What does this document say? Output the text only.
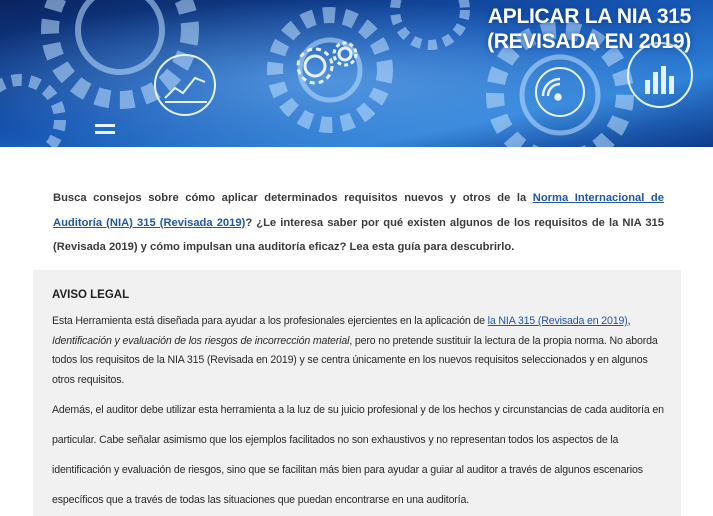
APLICAR LA NIA 315
(REVISADA EN 2019)
Busca consejos sobre cómo aplicar determinados requisitos nuevos y otros de la Norma Internacional de Auditoría (NIA) 315 (Revisada 2019)? ¿Le interesa saber por qué existen algunos de los requisitos de la NIA 315 (Revisada 2019) y cómo impulsan una auditoría eficaz? Lea esta guía para descubrirlo.
AVISO LEGAL
Esta Herramienta está diseñada para ayudar a los profesionales ejercientes en la aplicación de la NIA 315 (Revisada en 2019), Identificación y evaluación de los riesgos de incorrección material, pero no pretende sustituir la lectura de la propia norma. No aborda todos los requisitos de la NIA 315 (Revisada en 2019) y se centra únicamente en los nuevos requisitos seleccionados y en algunos otros requisitos.
Además, el auditor debe utilizar esta herramienta a la luz de su juicio profesional y de los hechos y circunstancias de cada auditoría en particular. Cabe señalar asimismo que los ejemplos facilitados no son exhaustivos y no representan todos los aspectos de la identificación y evaluación de riesgos, sino que se facilitan más bien para ayudar a guiar al auditor a través de algunos escenarios específicos que a través de todas las situaciones que puedan encontrarse en una auditoría.
